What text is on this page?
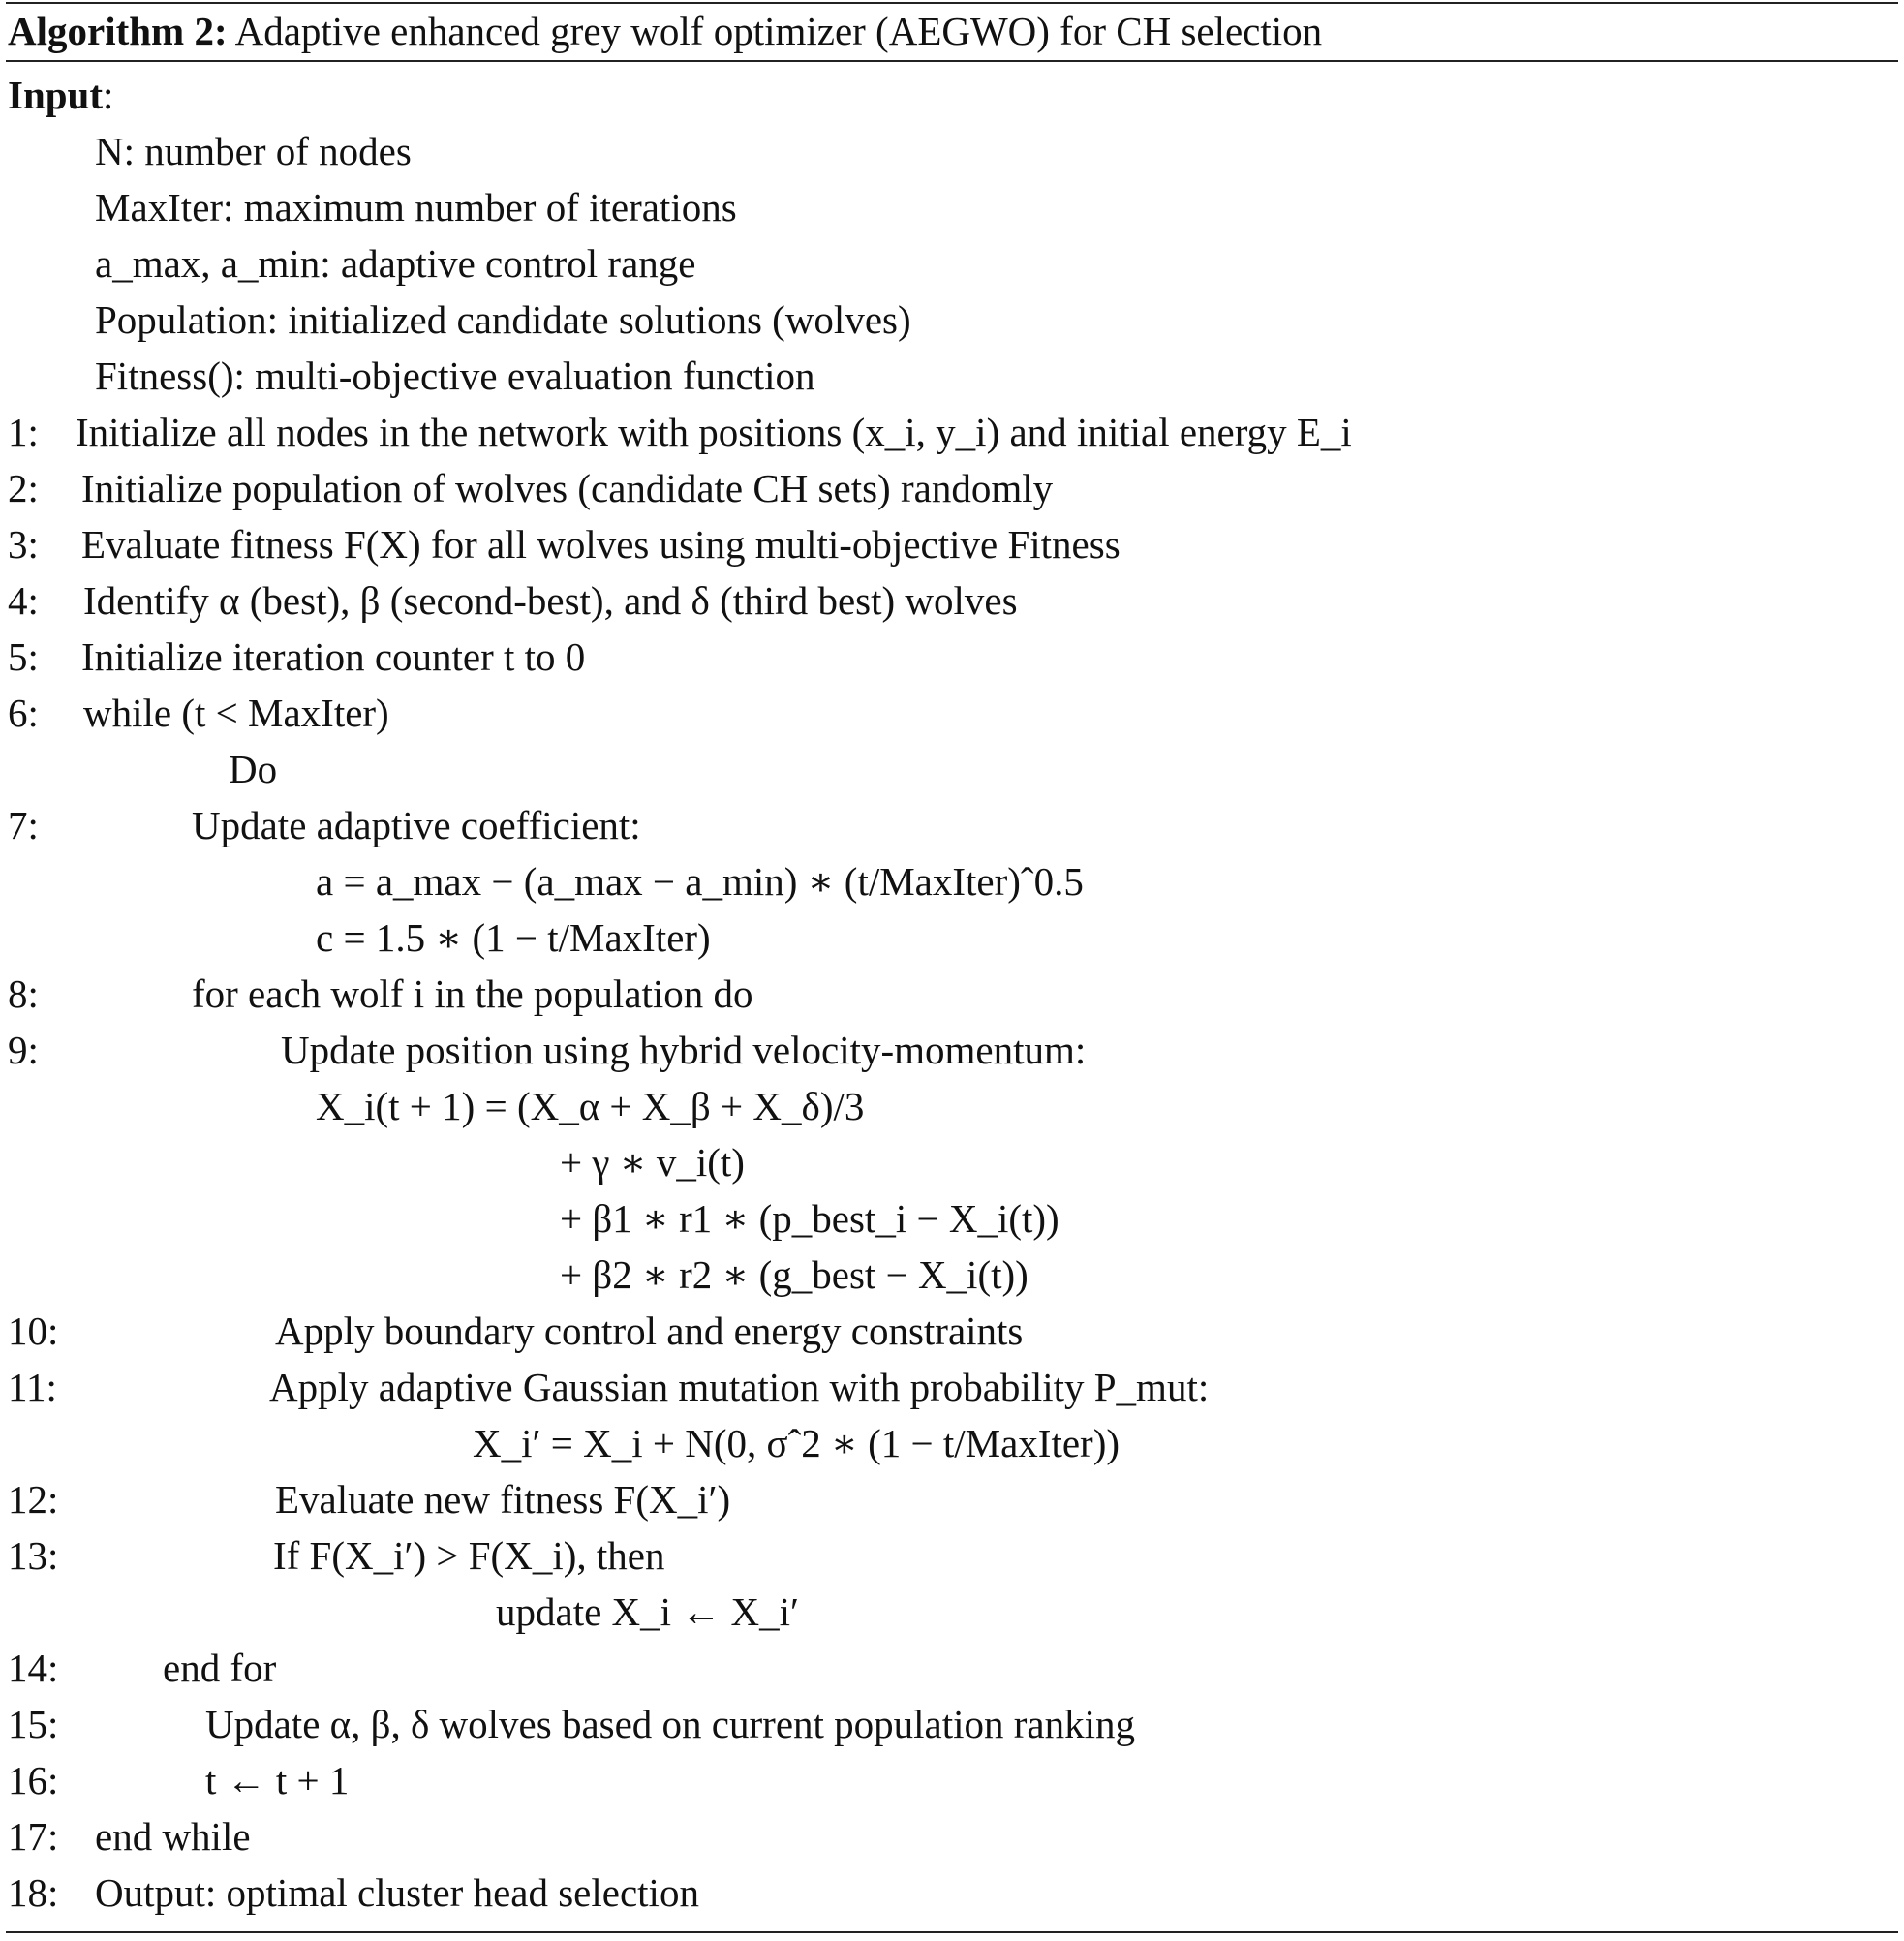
Algorithm 2: Adaptive enhanced grey wolf optimizer (AEGWO) for CH selection
Input:
N: number of nodes
MaxIter: maximum number of iterations
a_max, a_min: adaptive control range
Population: initialized candidate solutions (wolves)
Fitness(): multi-objective evaluation function
1: Initialize all nodes in the network with positions (x_i, y_i) and initial energy E_i
2: Initialize population of wolves (candidate CH sets) randomly
3: Evaluate fitness F(X) for all wolves using multi-objective Fitness
4: Identify α (best), β (second-best), and δ (third best) wolves
5: Initialize iteration counter t to 0
6: while (t < MaxIter)
Do
7:	Update adaptive coefficient:
a = a_max − (a_max − a_min) ∗ (t/MaxIter)ˆ0.5
c = 1.5 ∗ (1 − t/MaxIter)
8:	for each wolf i in the population do
9:	Update position using hybrid velocity-momentum:
X_i(t + 1) = (X_α + X_β + X_δ)/3
+ γ ∗ v_i(t)
+ β1 ∗ r1 ∗ (p_best_i − X_i(t))
+ β2 ∗ r2 ∗ (g_best − X_i(t))
10:	Apply boundary control and energy constraints
11:	Apply adaptive Gaussian mutation with probability P_mut:
X_i′ = X_i + N(0, σˆ2 ∗ (1 − t/MaxIter))
12:	Evaluate new fitness F(X_i′)
13:	If F(X_i′) > F(X_i), then
update X_i ← X_i′
14:	end for
15:	Update α, β, δ wolves based on current population ranking
16:	t ← t + 1
17: end while
18: Output: optimal cluster head selection
